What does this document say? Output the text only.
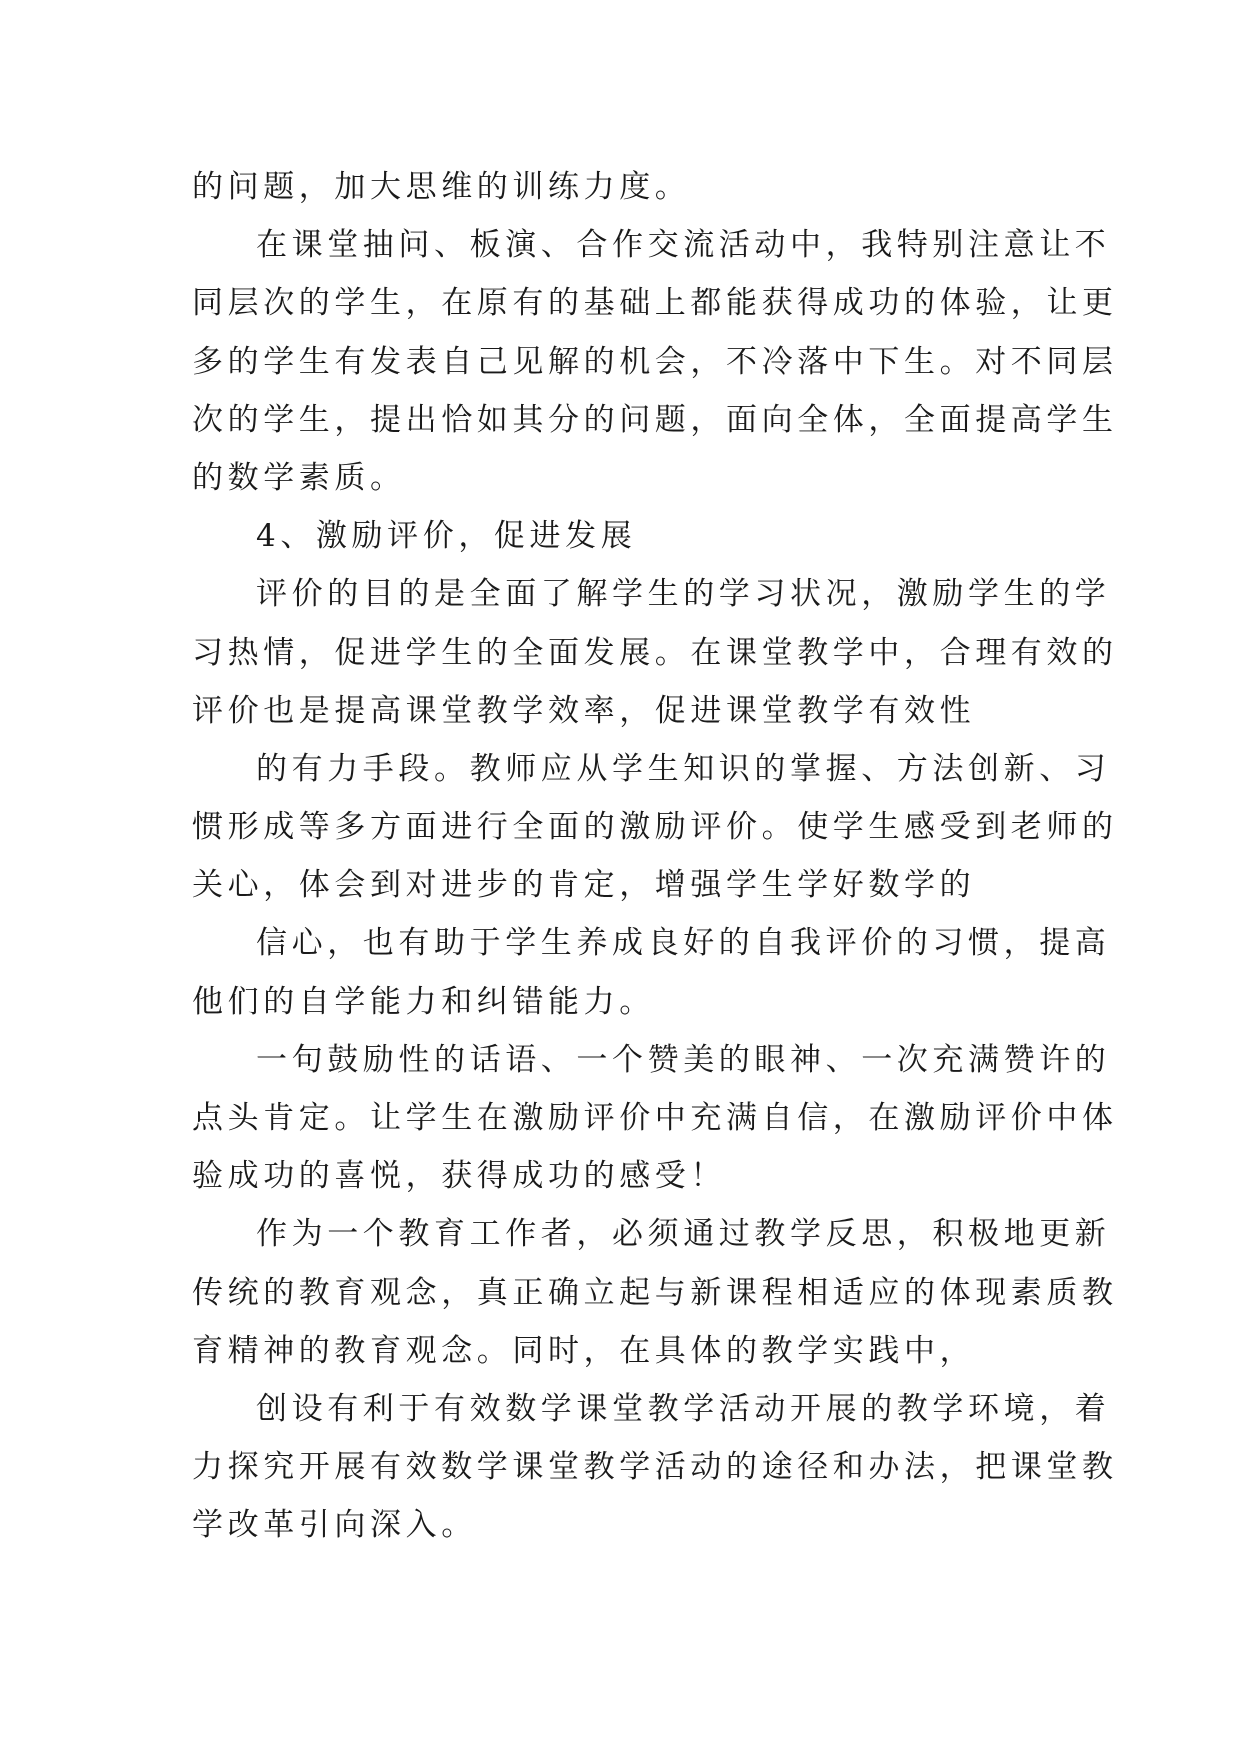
的问题，加大思维的训练力度。
在课堂抽问、板演、合作交流活动中，我特别注意让不
同层次的学生，在原有的基础上都能获得成功的体验，让更
多的学生有发表自己见解的机会，不冷落中下生。对不同层
次的学生，提出恰如其分的问题，面向全体，全面提高学生
的数学素质。
4、激励评价，促进发展
评价的目的是全面了解学生的学习状况，激励学生的学
习热情，促进学生的全面发展。在课堂教学中，合理有效的
评价也是提高课堂教学效率，促进课堂教学有效性
的有力手段。教师应从学生知识的掌握、方法创新、习
惯形成等多方面进行全面的激励评价。使学生感受到老师的
关心，体会到对进步的肯定，增强学生学好数学的
信心，也有助于学生养成良好的自我评价的习惯，提高
他们的自学能力和纠错能力。
一句鼓励性的话语、一个赞美的眼神、一次充满赞许的
点头肯定。让学生在激励评价中充满自信，在激励评价中体
验成功的喜悦，获得成功的感受！
作为一个教育工作者，必须通过教学反思，积极地更新
传统的教育观念，真正确立起与新课程相适应的体现素质教
育精神的教育观念。同时，在具体的教学实践中，
创设有利于有效数学课堂教学活动开展的教学环境，着
力探究开展有效数学课堂教学活动的途径和办法，把课堂教
学改革引向深入。
